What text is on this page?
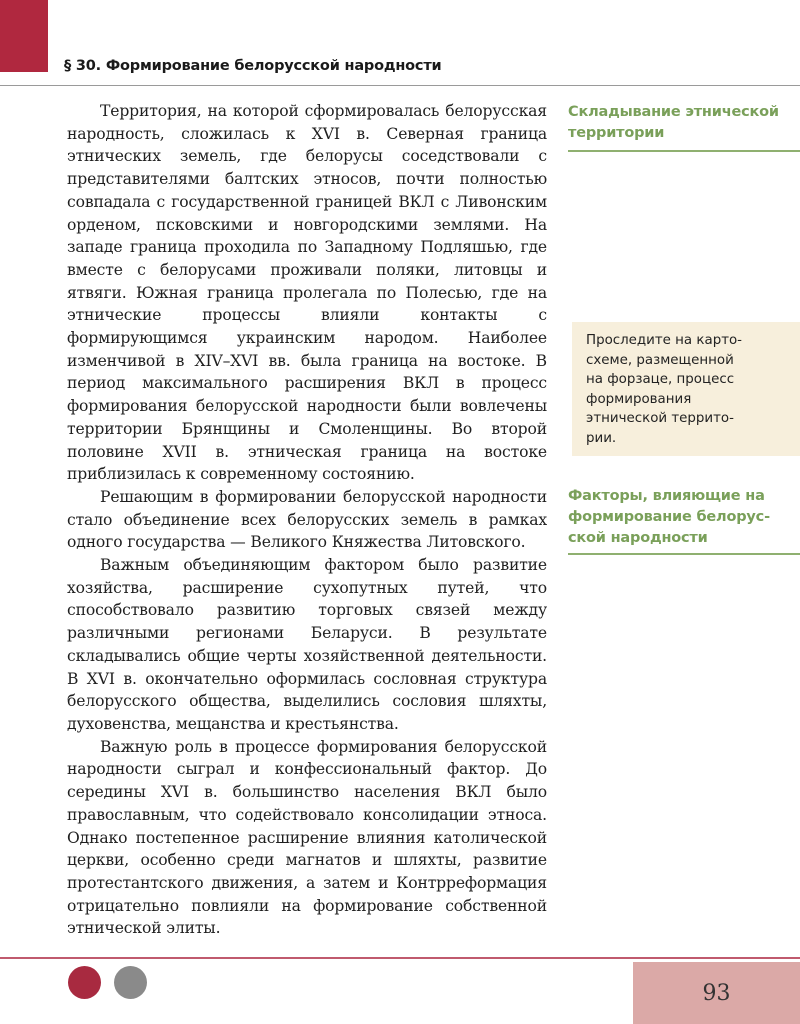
§ 30. Формирование белорусской народности

Территория, на которой сформировалась белорусская народность, сложилась к XVI в. Северная граница этнических земель, где белорусы соседствовали с представителями балтских этносов, почти полностью совпадала с государственной границей ВКЛ с Ливонским орденом, псковскими и новгородскими землями. На западе граница проходила по Западному Подляшью, где вместе с белорусами проживали поляки, литовцы и ятвяги. Южная граница пролегала по Полесью, где на этнические процессы влияли контакты с формирующимся украинским народом. Наиболее изменчивой в XIV–XVI вв. была граница на востоке. В период максимального расширения ВКЛ в процесс формирования белорусской народности были вовлечены территории Брянщины и Смоленщины. Во второй половине XVII в. этническая граница на востоке приблизилась к современному состоянию.

Решающим в формировании белорусской народности стало объединение всех белорусских земель в рамках одного государства — Великого Княжества Литовского.

Важным объединяющим фактором было развитие хозяйства, расширение сухопутных путей, что способствовало развитию торговых связей между различными регионами Беларуси. В результате складывались общие черты хозяйственной деятельности. В XVI в. окончательно оформилась сословная структура белорусского общества, выделились сословия шляхты, духовенства, мещанства и крестьянства.

Важную роль в процессе формирования белорусской народности сыграл и конфессиональный фактор. До середины XVI в. большинство населения ВКЛ было православным, что содействовало консолидации этноса. Однако постепенное расширение влияния католической церкви, особенно среди магнатов и шляхты, развитие протестантского движения, а затем и Контрреформация отрицательно повлияли на формирование собственной этнической элиты.

Складывание этнической
территории
Проследите на карто-
схеме, размещенной
на форзаце, процесс
формирования
этнической террито-
рии.
Факторы, влияющие на
формирование белорус-
ской народности
93
